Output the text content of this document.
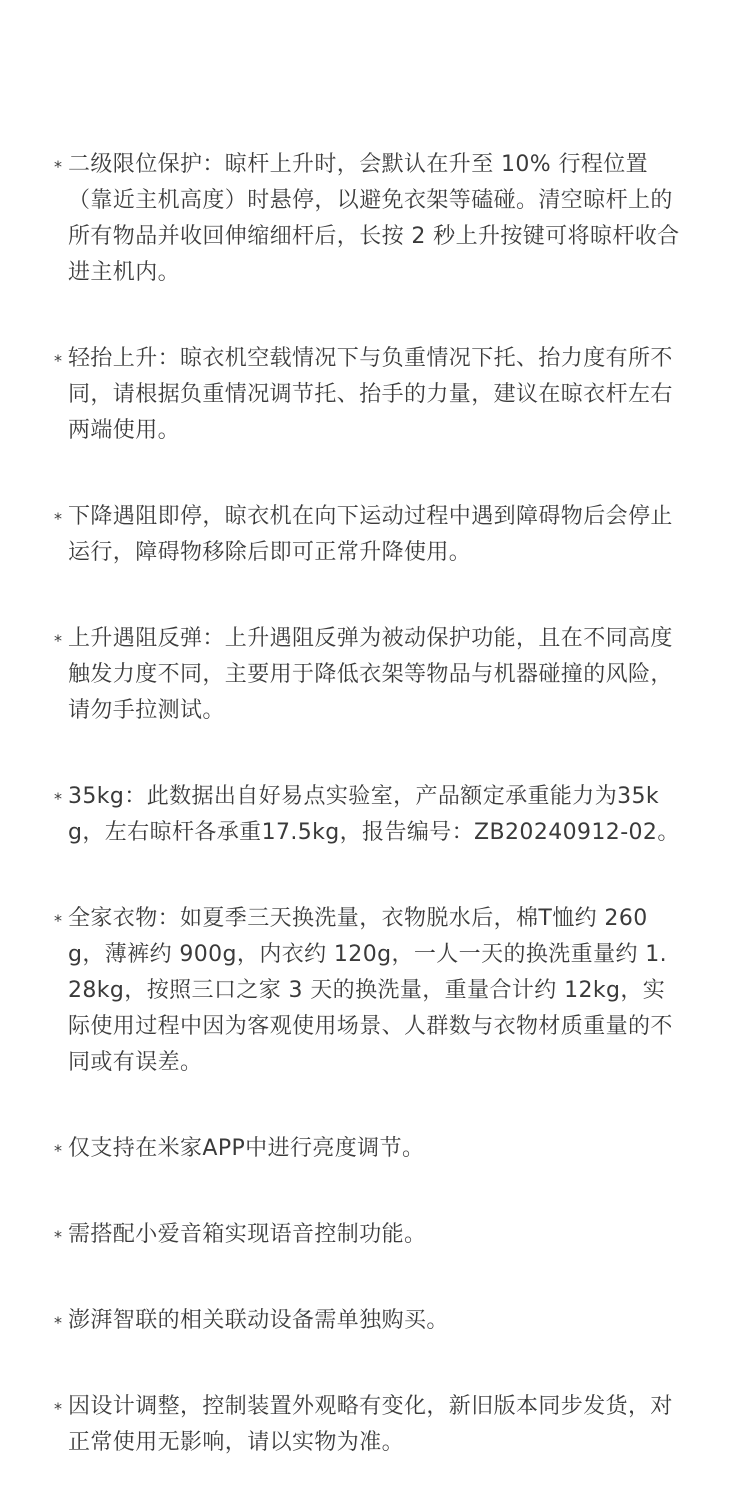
* 二级限位保护：晾杆上升时，会默认在升至 10% 行程位置（靠近主机高度）时悬停，以避免衣架等磕碰。清空晾杆上的所有物品并收回伸缩细杆后，长按 2 秒上升按键可将晾杆收合进主机内。
* 轻抬上升：晾衣机空载情况下与负重情况下托、抬力度有所不同，请根据负重情况调节托、抬手的力量，建议在晾衣杆左右两端使用。
* 下降遇阻即停，晾衣机在向下运动过程中遇到障碍物后会停止运行，障碍物移除后即可正常升降使用。
* 上升遇阻反弹：上升遇阻反弹为被动保护功能，且在不同高度触发力度不同，主要用于降低衣架等物品与机器碰撞的风险，请勿手拉测试。
* 35kg：此数据出自好易点实验室，产品额定承重能力为35kg，左右晾杆各承重17.5kg，报告编号：ZB20240912-02。
* 全家衣物：如夏季三天换洗量，衣物脱水后，棉T恤约 260g，薄裤约 900g，内衣约 120g，一人一天的换洗重量约 1.28kg，按照三口之家 3 天的换洗量，重量合计约 12kg，实际使用过程中因为客观使用场景、人群数与衣物材质重量的不同或有误差。
* 仅支持在米家APP中进行亮度调节。
* 需搭配小爱音箱实现语音控制功能。
* 澎湃智联的相关联动设备需单独购买。
* 因设计调整，控制装置外观略有变化，新旧版本同步发货，对正常使用无影响，请以实物为准。
